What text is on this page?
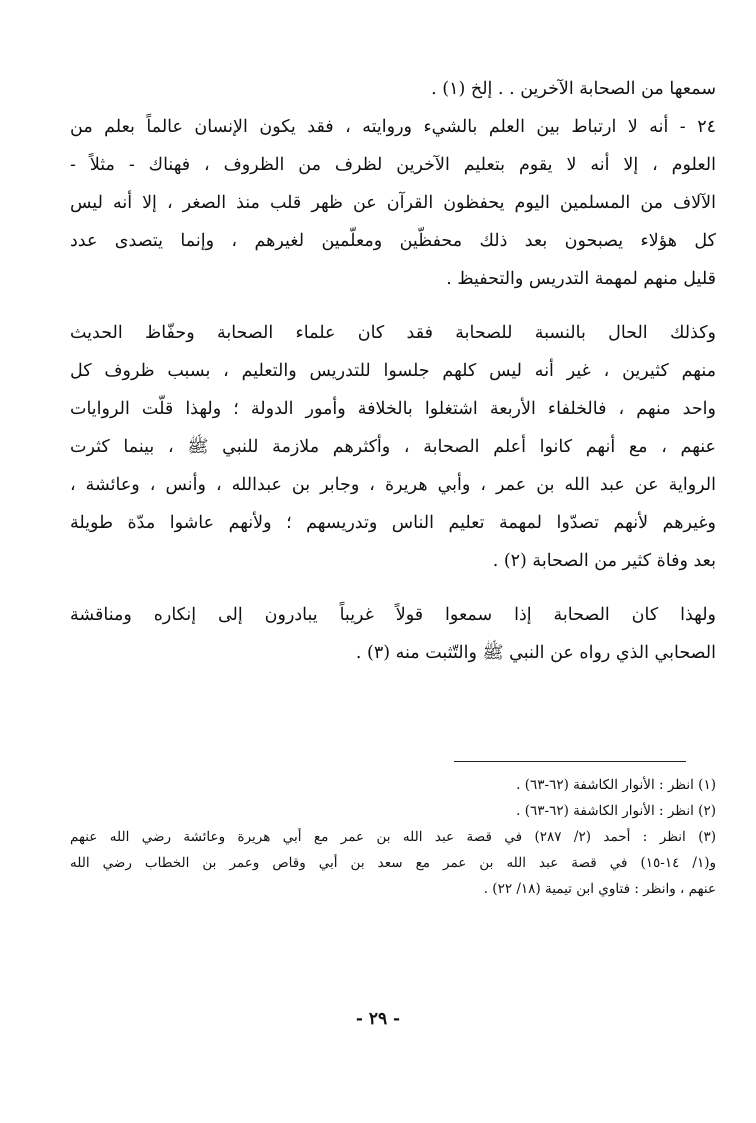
سمعها من الصحابة الآخرين . . إلخ (١) .
٢٤ - أنه لا ارتباط بين العلم بالشيء وروايته ، فقد يكون الإنسان عالماً بعلم من
العلوم ، إلا أنه لا يقوم بتعليم الآخرين لظرف من الظروف ، فهناك - مثلاً -
الآلاف من المسلمين اليوم يحفظون القرآن عن ظهر قلب منذ الصغر ، إلا أنه ليس
كل هؤلاء يصبحون بعد ذلك محفظّين ومعلّمين لغيرهم ، وإنما يتصدى عدد
قليل منهم لمهمة التدريس والتحفيظ .
وكذلك الحال بالنسبة للصحابة فقد كان علماء الصحابة وحفّاظ الحديث
منهم كثيرين ، غير أنه ليس كلهم جلسوا للتدريس والتعليم ، بسبب ظروف كل
واحد منهم ، فالخلفاء الأربعة اشتغلوا بالخلافة وأمور الدولة ؛ ولهذا قلّت الروايات
عنهم ، مع أنهم كانوا أعلم الصحابة ، وأكثرهم ملازمة للنبي ﷺ ، بينما كثرت
الرواية عن عبد الله بن عمر ، وأبي هريرة ، وجابر بن عبدالله ، وأنس ، وعائشة ،
وغيرهم لأنهم تصدّوا لمهمة تعليم الناس وتدريسهم ؛ ولأنهم عاشوا مدّة طويلة
بعد وفاة كثير من الصحابة (٢) .
ولهذا كان الصحابة إذا سمعوا قولاً غريباً يبادرون إلى إنكاره ومناقشة
الصحابي الذي رواه عن النبي ﷺ والتّثبت منه (٣) .
(١) انظر : الأنوار الكاشفة (٦٢-٦٣) .
(٢) انظر : الأنوار الكاشفة (٦٢-٦٣) .
(٣) انظر : أحمد (٢/ ٢٨٧) في قصة عبد الله بن عمر مع أبي هريرة وعائشة رضي الله عنهم
و(١/ ١٤-١٥) في قصة عبد الله بن عمر مع سعد بن أبي وقاص وعمر بن الخطاب رضي الله
عنهم ، وانظر : فتاوي ابن تيمية (١٨/ ٢٢) .
- ٢٩ -
